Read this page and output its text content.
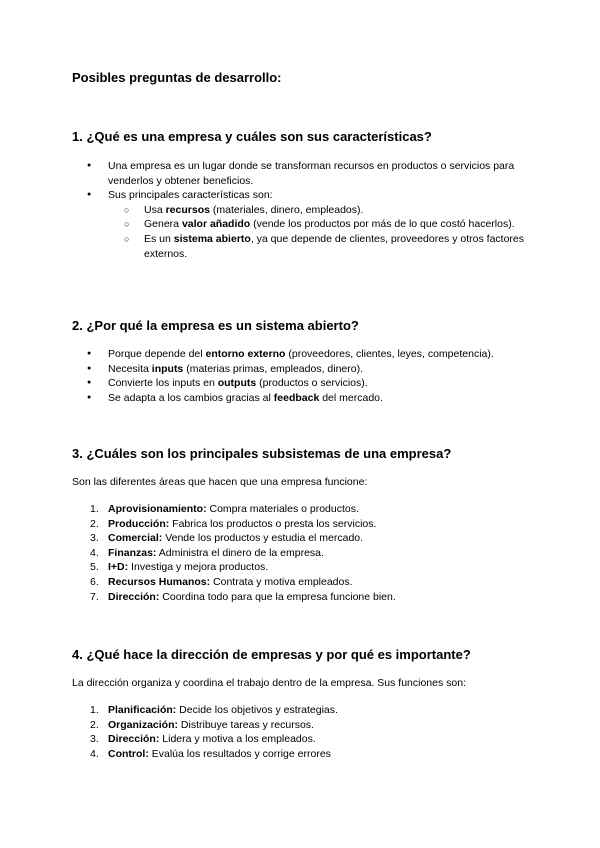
Posibles preguntas de desarrollo:
1. ¿Qué es una empresa y cuáles son sus características?
● Una empresa es un lugar donde se transforman recursos en productos o servicios para venderlos y obtener beneficios.
● Sus principales características son:
○ Usa recursos (materiales, dinero, empleados).
○ Genera valor añadido (vende los productos por más de lo que costó hacerlos).
○ Es un sistema abierto, ya que depende de clientes, proveedores y otros factores externos.
2. ¿Por qué la empresa es un sistema abierto?
● Porque depende del entorno externo (proveedores, clientes, leyes, competencia).
● Necesita inputs (materias primas, empleados, dinero).
● Convierte los inputs en outputs (productos o servicios).
● Se adapta a los cambios gracias al feedback del mercado.
3. ¿Cuáles son los principales subsistemas de una empresa?
Son las diferentes áreas que hacen que una empresa funcione:
1. Aprovisionamiento: Compra materiales o productos.
2. Producción: Fabrica los productos o presta los servicios.
3. Comercial: Vende los productos y estudia el mercado.
4. Finanzas: Administra el dinero de la empresa.
5. I+D: Investiga y mejora productos.
6. Recursos Humanos: Contrata y motiva empleados.
7. Dirección: Coordina todo para que la empresa funcione bien.
4. ¿Qué hace la dirección de empresas y por qué es importante?
La dirección organiza y coordina el trabajo dentro de la empresa. Sus funciones son:
1. Planificación: Decide los objetivos y estrategias.
2. Organización: Distribuye tareas y recursos.
3. Dirección: Lidera y motiva a los empleados.
4. Control: Evalúa los resultados y corrige errores
